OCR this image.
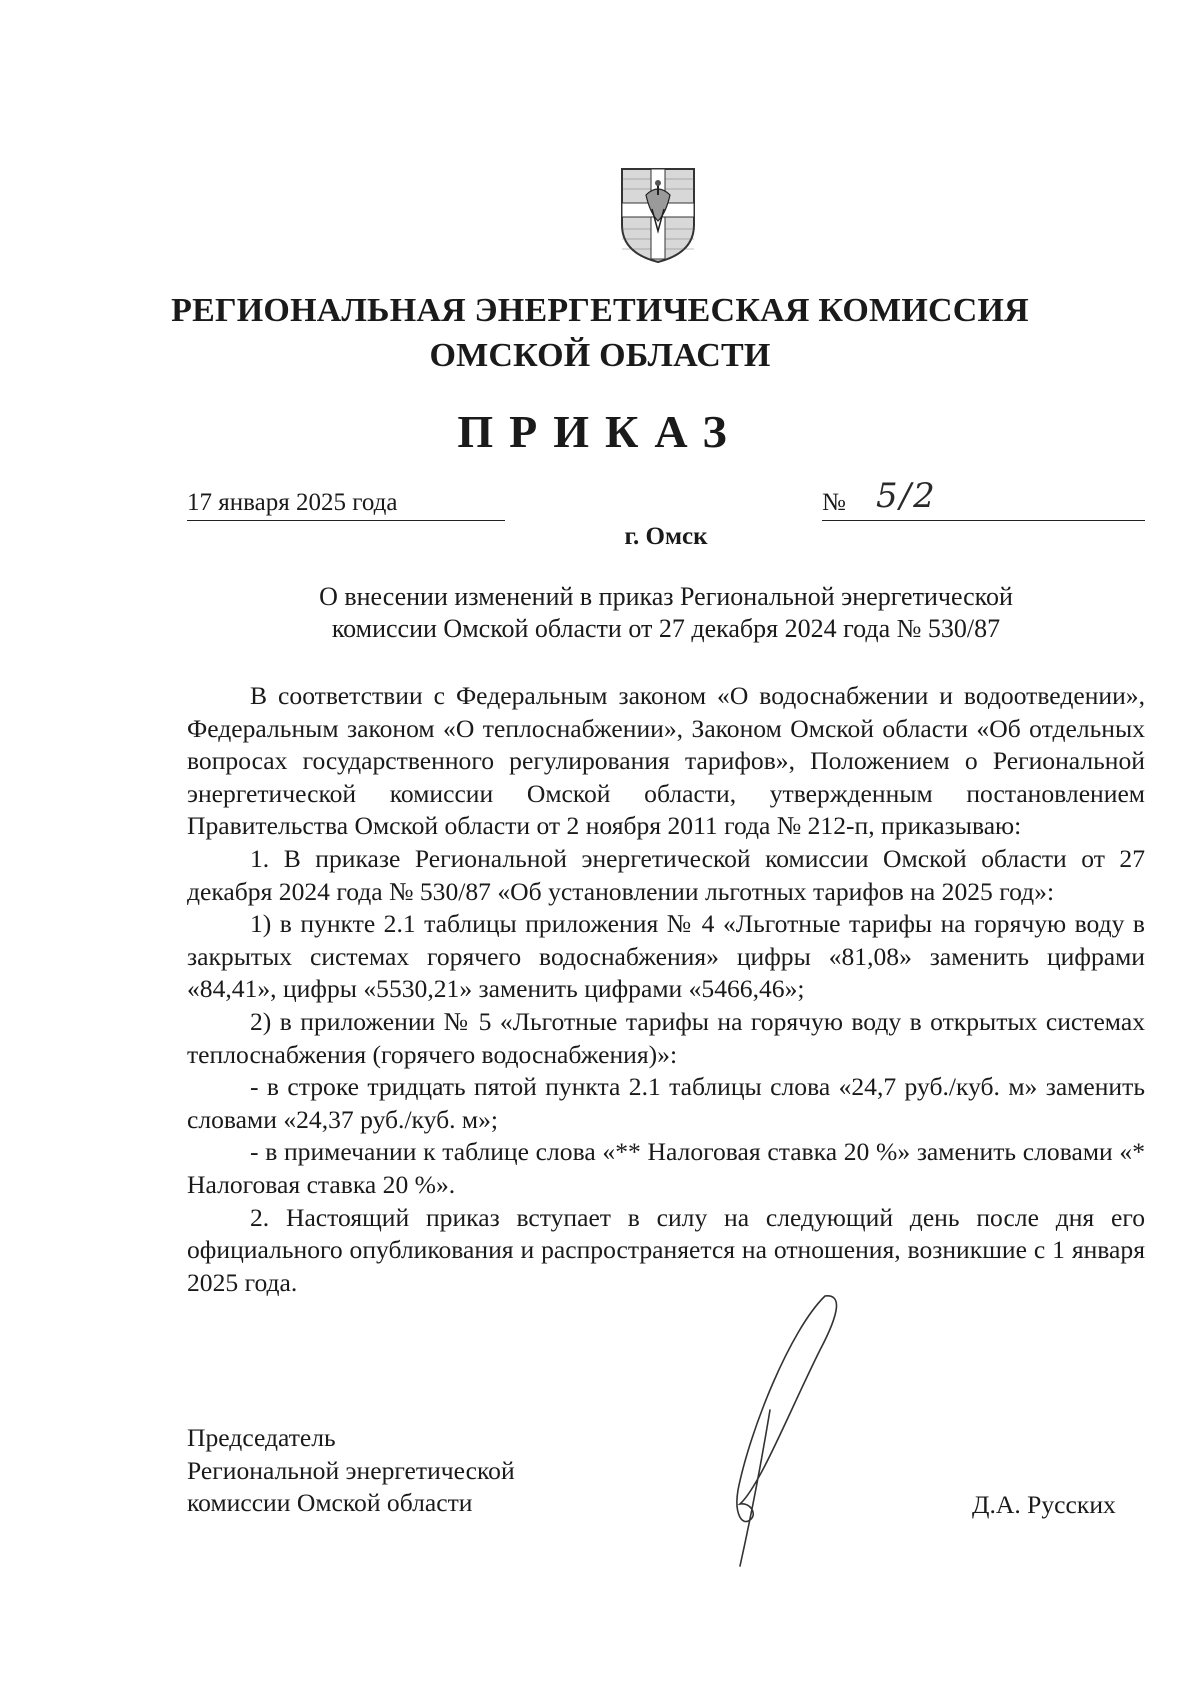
РЕГИОНАЛЬНАЯ ЭНЕРГЕТИЧЕСКАЯ КОМИССИЯ
ОМСКОЙ ОБЛАСТИ
ПРИКАЗ
17 января 2025 года	№ 5/2
г. Омск
О внесении изменений в приказ Региональной энергетической
комиссии Омской области от 27 декабря 2024 года № 530/87

В соответствии с Федеральным законом «О водоснабжении и водоотведении», Федеральным законом «О теплоснабжении», Законом Омской области «Об отдельных вопросах государственного регулирования тарифов», Положением о Региональной энергетической комиссии Омской области, утвержденным постановлением Правительства Омской области от 2 ноября 2011 года № 212-п, приказываю:

1. В приказе Региональной энергетической комиссии Омской области от 27 декабря 2024 года № 530/87 «Об установлении льготных тарифов на 2025 год»:

1) в пункте 2.1 таблицы приложения № 4 «Льготные тарифы на горячую воду в закрытых системах горячего водоснабжения» цифры «81,08» заменить цифрами «84,41», цифры «5530,21» заменить цифрами «5466,46»;

2) в приложении № 5 «Льготные тарифы на горячую воду в открытых системах теплоснабжения (горячего водоснабжения)»:

- в строке тридцать пятой пункта 2.1 таблицы слова «24,7 руб./куб. м» заменить словами «24,37 руб./куб. м»;

- в примечании к таблице слова «** Налоговая ставка 20 %» заменить словами «* Налоговая ставка 20 %».

2. Настоящий приказ вступает в силу на следующий день после дня его официального опубликования и распространяется на отношения, возникшие с 1 января 2025 года.

Председатель
Региональной энергетической
комиссии Омской области	Д.А. Русских
